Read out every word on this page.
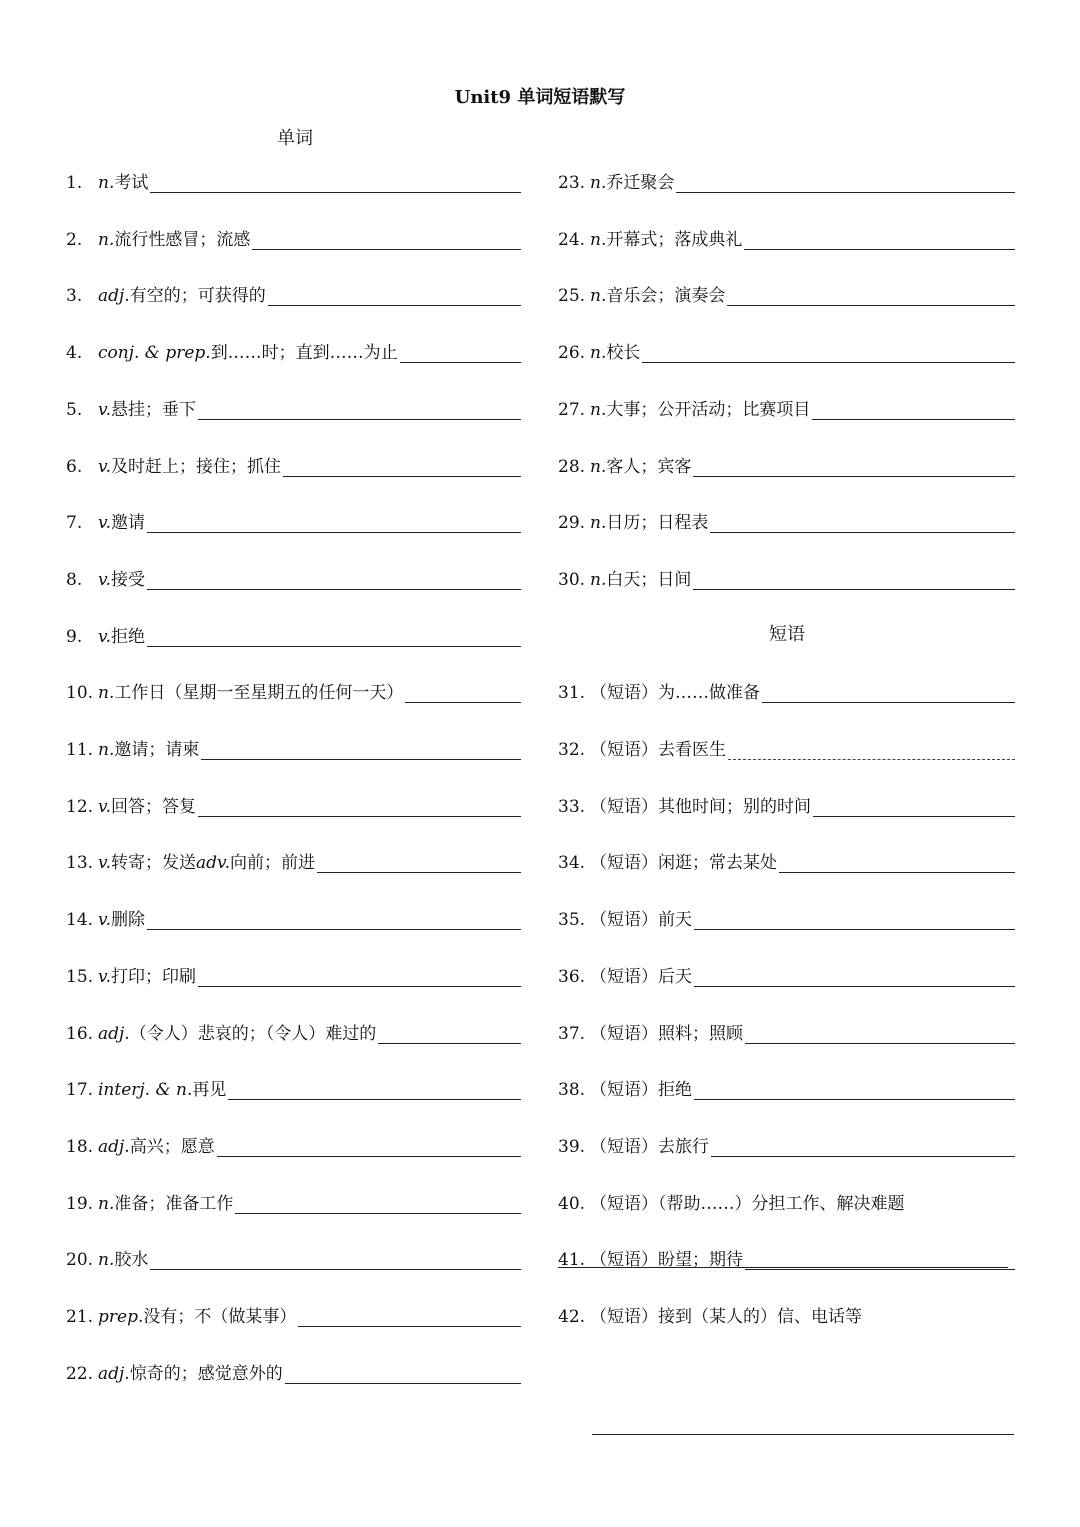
Unit9 单词短语默写
单词
短语
1. n. 考试
2. n. 流行性感冒；流感
3. adj. 有空的；可获得的
4. conj. & prep. 到……时；直到……为止
5. v. 悬挂；垂下
6. v. 及时赶上；接住；抓住
7. v. 邀请
8. v. 接受
9. v. 拒绝
10. n. 工作日（星期一至星期五的任何一天）
11. n. 邀请；请柬
12. v. 回答；答复
13. v. 转寄；发送 adv. 向前；前进
14. v. 删除
15. v. 打印；印刷
16. adj. （令人）悲哀的；（令人）难过的
17. interj. & n. 再见
18. adj. 高兴；愿意
19. n. 准备；准备工作
20. n. 胶水
21. prep. 没有；不（做某事）
22. adj. 惊奇的；感觉意外的
23. n. 乔迁聚会
24. n. 开幕式；落成典礼
25. n. 音乐会；演奏会
26. n. 校长
27. n. 大事；公开活动；比赛项目
28. n. 客人；宾客
29. n. 日历；日程表
30. n. 白天；日间
31. （短语）为……做准备
32. （短语）去看医生
33. （短语）其他时间；别的时间
34. （短语）闲逛；常去某处
35. （短语）前天
36. （短语）后天
37. （短语）照料；照顾
38. （短语）拒绝
39. （短语）去旅行
40. （短语）（帮助……）分担工作、解决难题
41. （短语）盼望；期待
42. （短语）接到（某人的）信、电话等
